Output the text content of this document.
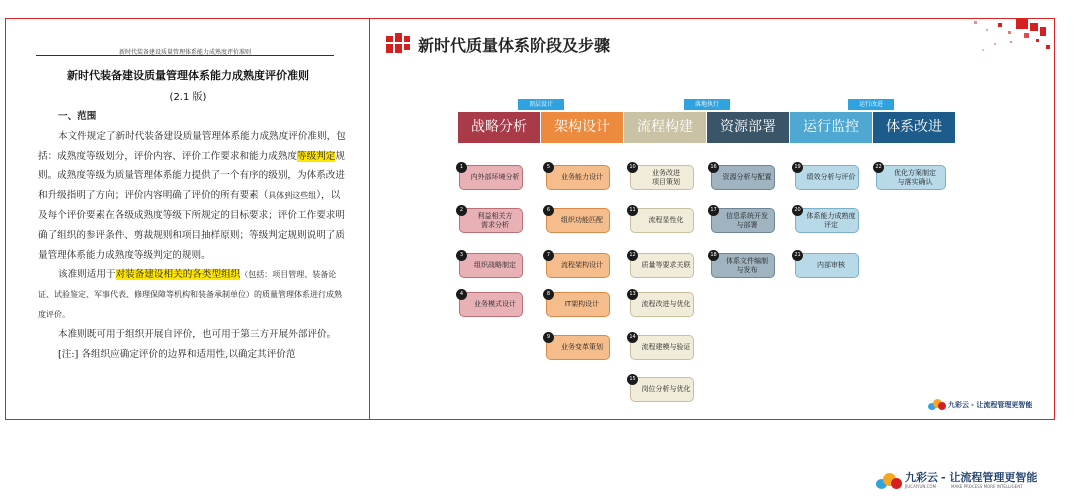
新时代装备建设质量管理体系能力成熟度评价准则
新时代装备建设质量管理体系能力成熟度评价准则
(2.1 版)

一、范围

本文件规定了新时代装备建设质量管理体系能力成熟度评价准则，包括：成熟度等级划分，评价内容、评价工作要求和能力成熟度等级判定规则。成熟度等级为质量管理体系能力提供了一个有序的级别，为体系改进和升级指明了方向；评价内容明确了评价的所有要素（具体到这些组），以及每个评价要素在各级成熟度等级下所规定的目标要求；评价工作要求明确了组织的参评条件、剪裁规则和项目抽样原则；等级判定规则说明了质量管理体系能力成熟度等级判定的规则。

该准则适用于对装备建设相关的各类型组织（包括：项目管理、装备论证、试验鉴定、军事代表、修理保障等机构和装备承制单位）的质量管理体系进行成熟度评价。

本准则既可用于组织开展自评价，也可用于第三方开展外部评价。

[注:] 各组织应确定评价的边界和适用性,以确定其评价范

新时代质量体系阶段及步骤
顶层设计	落地执行	运行改进
战略分析	架构设计	流程构建	资源部署	运行监控	体系改进
1
内外部环境分析
2
利益相关方
需求分析
3
组织战略制定
4
业务模式设计
5
业务能力设计
6
组织功能匹配
7
流程架构设计
8
IT架构设计
9
业务变革策划
10
业务改进
项目策划
11
流程显性化
12
质量等要求关联
13
流程改进与优化
14
流程建模与验证
15
岗位分析与优化
16
资源分析与配置
17
信息系统开发
与部署
18
体系文件编制
与发布
19
绩效分析与评价
20
体系能力成熟度
评定
21
内部审核
22
优化方案制定
与落实确认
九彩云 - 让流程管理更智能
九彩云
JIUCAIYUN.COM
- 让流程管理更智能
MAKE PROCESS MORE INTELLIGENT
